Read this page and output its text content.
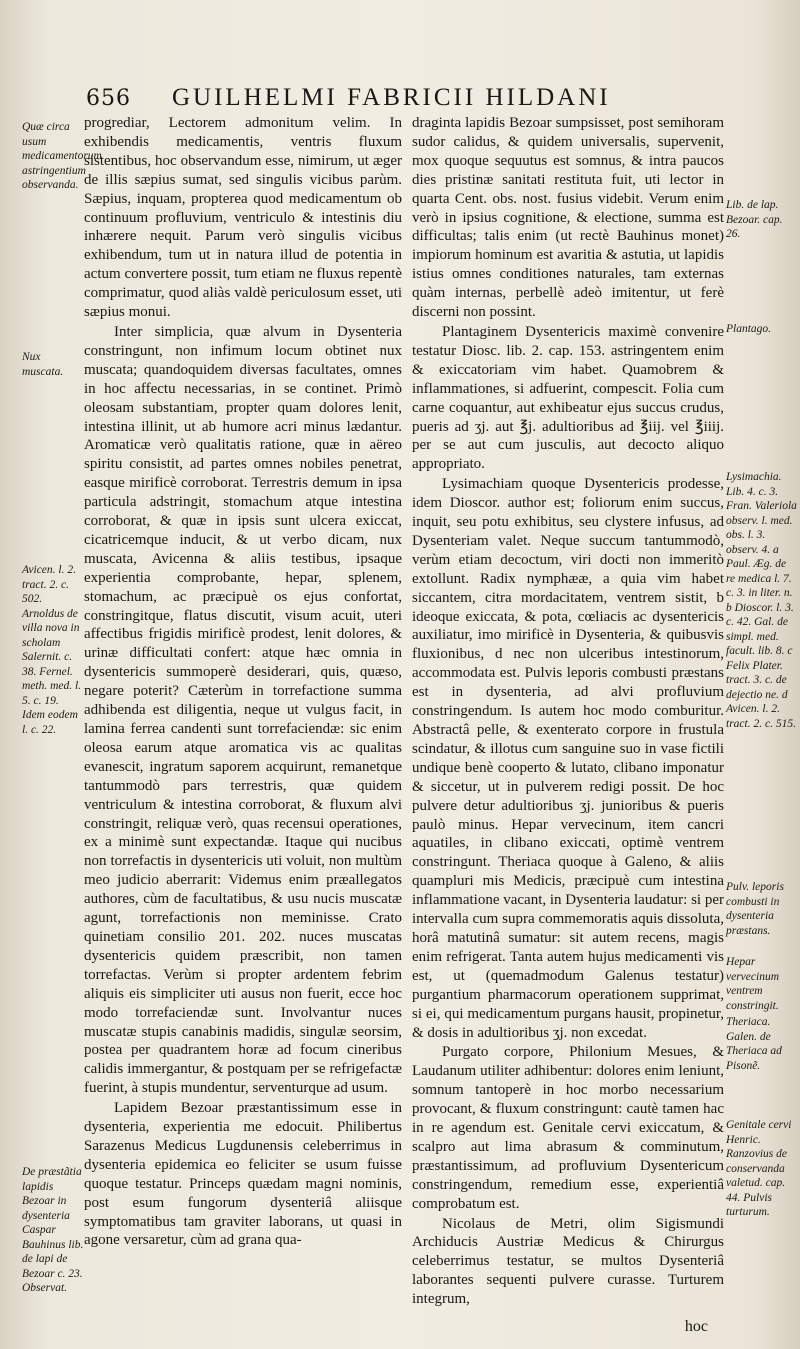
656 GUILHELMI FABRICII HILDANI

progrediar, Lectorem admonitum velim. In exhibendis medicamentis, ventris fluxum sistentibus, hoc observandum esse, nimirum, ut æger de illis sæpius sumat, sed singulis vicibus parùm. Sæpius, inquam, propterea quod medicamentum ob continuum profluvium, ventriculo & intestinis diu inhærere nequit. Parum verò singulis vicibus exhibendum, tum ut in natura illud de potentia in actum convertere possit, tum etiam ne fluxus repentè comprimatur, quod aliàs valdè periculosum esset, uti sæpius monui.

Inter simplicia, quæ alvum in Dysenteria constringunt, non infimum locum obtinet nux muscata; quandoquidem diversas facultates, omnes in hoc affectu necessarias, in se continet. Primò oleosam substantiam, propter quam dolores lenit, intestina illinit, ut ab humore acri minus lædantur. Aromaticæ verò qualitatis ratione, quæ in aëreo spiritu consistit, ad partes omnes nobiles penetrat, easque mirificè corroborat. Terrestris demum in ipsa particula adstringit, stomachum atque intestina corroborat, & quæ in ipsis sunt ulcera exiccat, cicatricemque inducit, & ut verbo dicam, nux muscata, Avicenna & aliis testibus, ipsaque experientia comprobante, hepar, splenem, stomachum, ac præcipuè os ejus confortat, constringitque, flatus discutit, visum acuit, uteri affectibus frigidis mirificè prodest, lenit dolores, & urinæ difficultati confert: atque hæc omnia in dysentericis summoperè desiderari, quis, quæso, negare poterit? Cæterùm in torrefactione summa adhibenda est diligentia, neque ut vulgus facit, in lamina ferrea candenti sunt torrefaciendæ: sic enim oleosa earum atque aromatica vis ac qualitas evanescit, ingratum saporem acquirunt, remanetque tantummodò pars terrestris, quæ quidem ventriculum & intestina corroborat, & fluxum alvi constringit, reliquæ verò, quas recensui operationes, ex a minimè sunt expectandæ. Itaque qui nucibus non torrefactis in dysentericis uti voluit, non multùm meo judicio aberrarit: Videmus enim præallegatos authores, cùm de facultatibus, & usu nucis muscatæ agunt, torrefactionis non meminisse. Crato quinetiam consilio 201. 202. nuces muscatas dysentericis quidem præscribit, non tamen torrefactas. Verùm si propter ardentem febrim aliquis eis simpliciter uti ausus non fuerit, ecce hoc modo torrefaciendæ sunt. Involvantur nuces muscatæ stupis canabinis madidis, singulæ seorsim, postea per quadrantem horæ ad focum cineribus calidis immergantur, & postquam per se refrigefactæ fuerint, à stupis mundentur, serventurque ad usum.

Lapidem Bezoar præstantissimum esse in dysenteria, experientia me edocuit. Philibertus Sarazenus Medicus Lugdunensis celeberrimus in dysenteria epidemica eo feliciter se usum fuisse quoque testatur. Princeps quædam magni nominis, post esum fungorum dysenteriâ aliisque symptomatibus tam graviter laborans, ut quasi in agone versaretur, cùm ad grana qua-

draginta lapidis Bezoar sumpsisset, post semihoram sudor calidus, & quidem universalis, supervenit, mox quoque sequutus est somnus, & intra paucos dies pristinæ sanitati restituta fuit, uti lector in quarta Cent. obs. nost. fusius videbit. Verum enim verò in ipsius cognitione, & electione, summa est difficultas; talis enim (ut rectè Bauhinus monet) impiorum hominum est avaritia & astutia, ut lapidis istius omnes conditiones naturales, tam externas quàm internas, perbellè adeò imitentur, ut ferè discerni non possint.

Plantaginem Dysentericis maximè convenire testatur Diosc. lib. 2. cap. 153. astringentem enim & exiccatoriam vim habet. Quamobrem & inflammationes, si adfuerint, compescit. Folia cum carne coquantur, aut exhibeatur ejus succus crudus, pueris ad ʒj. aut ℥j. adultioribus ad ℥iij. vel ℥iiij. per se aut cum jusculis, aut decocto aliquo appropriato.

Lysimachiam quoque Dysentericis prodesse, idem Dioscor. author est; foliorum enim succus, inquit, seu potu exhibitus, seu clystere infusus, ad Dysenteriam valet. Neque succum tantummodò, verùm etiam decoctum, viri docti non immeritò extollunt. Radix nymphææ, a quia vim habet siccantem, citra mordacitatem, ventrem sistit, b ideoque exiccata, & pota, cœliacis ac dysentericis auxiliatur, imo mirificè in Dysenteria, & quibusvis fluxionibus, d nec non ulceribus intestinorum, accommodata est. Pulvis leporis combusti præstans est in dysenteria, ad alvi profluvium constringendum. Is autem hoc modo comburitur. Abstractâ pelle, & exenterato corpore in frustula scindatur, & illotus cum sanguine suo in vase fictili undique benè cooperto & lutato, clibano imponatur & siccetur, ut in pulverem redigi possit. De hoc pulvere detur adultioribus ʒj. junioribus & pueris paulò minus. Hepar vervecinum, item cancri aquatiles, in clibano exiccati, optimè ventrem constringunt. Theriaca quoque à Galeno, & aliis quampluri mis Medicis, præcipuè cum intestina inflammatione vacant, in Dysenteria laudatur: si per intervalla cum supra commemoratis aquis dissoluta, horâ matutinâ sumatur: sit autem recens, magis enim refrigerat. Tanta autem hujus medicamenti vis est, ut (quemadmodum Galenus testatur) purgantium pharmacorum operationem supprimat, si ei, qui medicamentum purgans hausit, propinetur, & dosis in adultioribus ʒj. non excedat.

Purgato corpore, Philonium Mesues, & Laudanum utiliter adhibentur: dolores enim leniunt, somnum tantoperè in hoc morbo necessarium provocant, & fluxum constringunt: cautè tamen hac in re agendum est. Genitale cervi exiccatum, & scalpro aut lima abrasum & comminutum, præstantissimum, ad profluvium Dysentericum constringendum, remedium esse, experientiâ comprobatum est.

Nicolaus de Metri, olim Sigismundi Archiducis Austriæ Medicus & Chirurgus celeberrimus testatur, se multos Dysenteriâ laborantes sequenti pulvere curasse. Turturem integrum,

Quæ circa usum medicamentorum astringentium observanda.
Nux muscata.
Avicen. l. 2. tract. 2. c. 502. Arnoldus de villa nova in scholam Salernit. c. 38. Fernel. meth. med. l. 5. c. 19. Idem eodem l. c. 22.
De præstãtia lapidis Bezoar in dysenteria Caspar Bauhinus lib. de lapi de Bezoar c. 23. Observat.
Lib. de lap. Bezoar. cap. 26.
Plantago.
Lysimachia. Lib. 4. c. 3. Fran. Valeriola observ. l. med. obs. l. 3. observ. 4. a Paul. Æg. de re medica l. 7. c. 3. in liter. n. b Dioscor. l. 3. c. 42. Gal. de simpl. med. facult. lib. 8. c Felix Plater. tract. 3. c. de dejectio ne. d Avicen. l. 2. tract. 2. c. 515.
Pulv. leporis combusti in dysenteria præstans.
Hepar vervecinum ventrem constringit.
Theriaca. Galen. de Theriaca ad Pisonẽ.
Genitale cervi Henric. Ranzovius de conservanda valetud. cap. 44. Pulvis turturum.
hoc
